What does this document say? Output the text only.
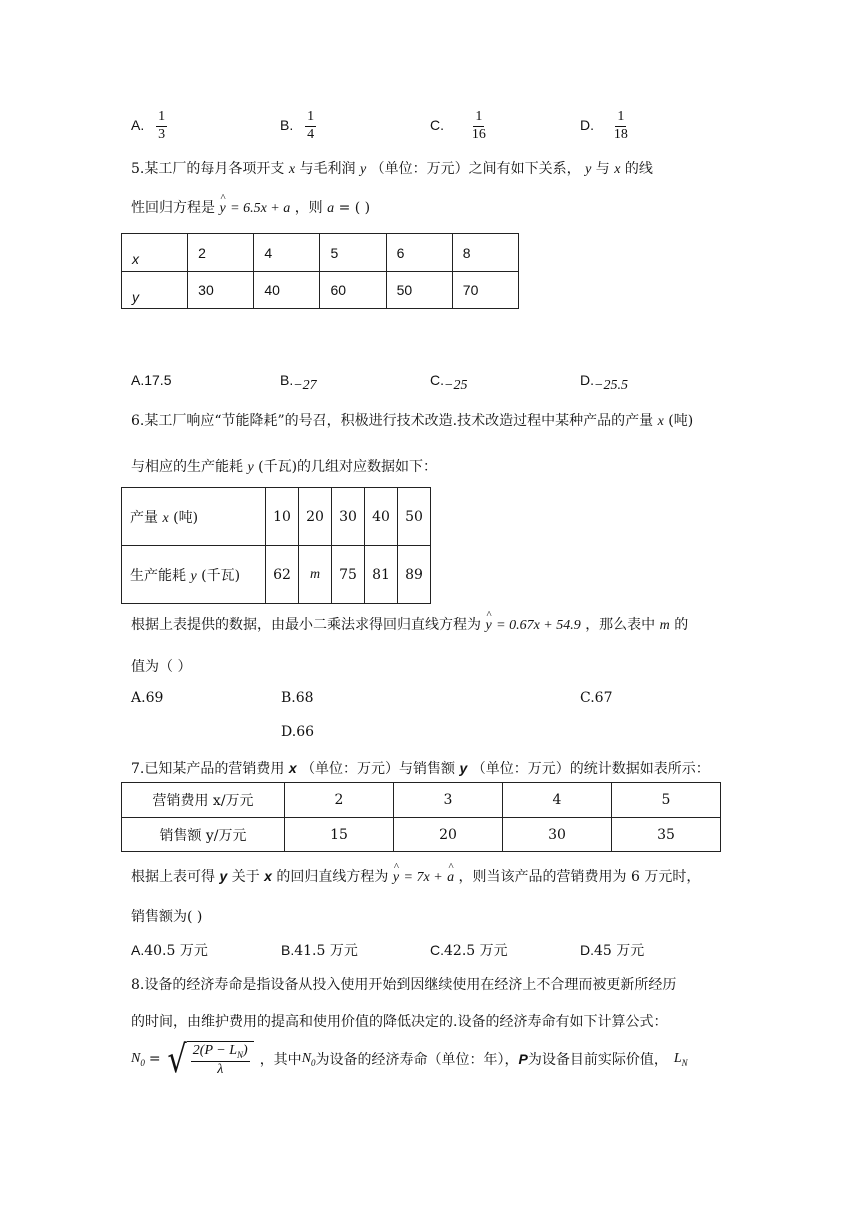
A. $\frac{1}{3}$	B. $\frac{1}{4}$	C. $\frac{1}{16}$	D. $\frac{1}{18}$
5.某工厂的每月各项开支 x 与毛利润 y （单位：万元）之间有如下关系， y 与 x 的线
性回归方程是 ^ y = 6.5x + a ，则 a = ( )
x	2	4	5	6	8
y	30	40	60	50	70
A.17.5	B.−27	C.−25	D.−25.5
6.某工厂响应“节能降耗”的号召，积极进行技术改造.技术改造过程中某种产品的产量 x (吨)
与相应的生产能耗 y (千瓦)的几组对应数据如下：
产量 x (吨)	10	20	30	40	50
生产能耗 y (千瓦)	62	m	75	81	89
根据上表提供的数据，由最小二乘法求得回归直线方程为 ^ y = 0.67x + 54.9 ，那么表中 m 的
值为（ ）
A.69	B.68	C.67
D.66
7.已知某产品的营销费用 x （单位：万元）与销售额 y （单位：万元）的统计数据如表所示：
营销费用 x/万元	2	3	4	5
销售额 y/万元	15	20	30	35
根据上表可得 y 关于 x 的回归直线方程为 ^ y = 7x + ^ a ，则当该产品的营销费用为 6 万元时，
销售额为( )
A.40.5 万元	B.41.5 万元	C.42.5 万元	D.45 万元
8.设备的经济寿命是指设备从投入使用开始到因继续使用在经济上不合理而被更新所经历
的时间，由维护费用的提高和使用价值的降低决定的.设备的经济寿命有如下计算公式：
$N_0$ = √ $\frac{2(P - L_N)}{\lambda}$ ，其中 $N_0$ 为设备的经济寿命（单位：年）， P 为设备目前实际价值， $L_N$
